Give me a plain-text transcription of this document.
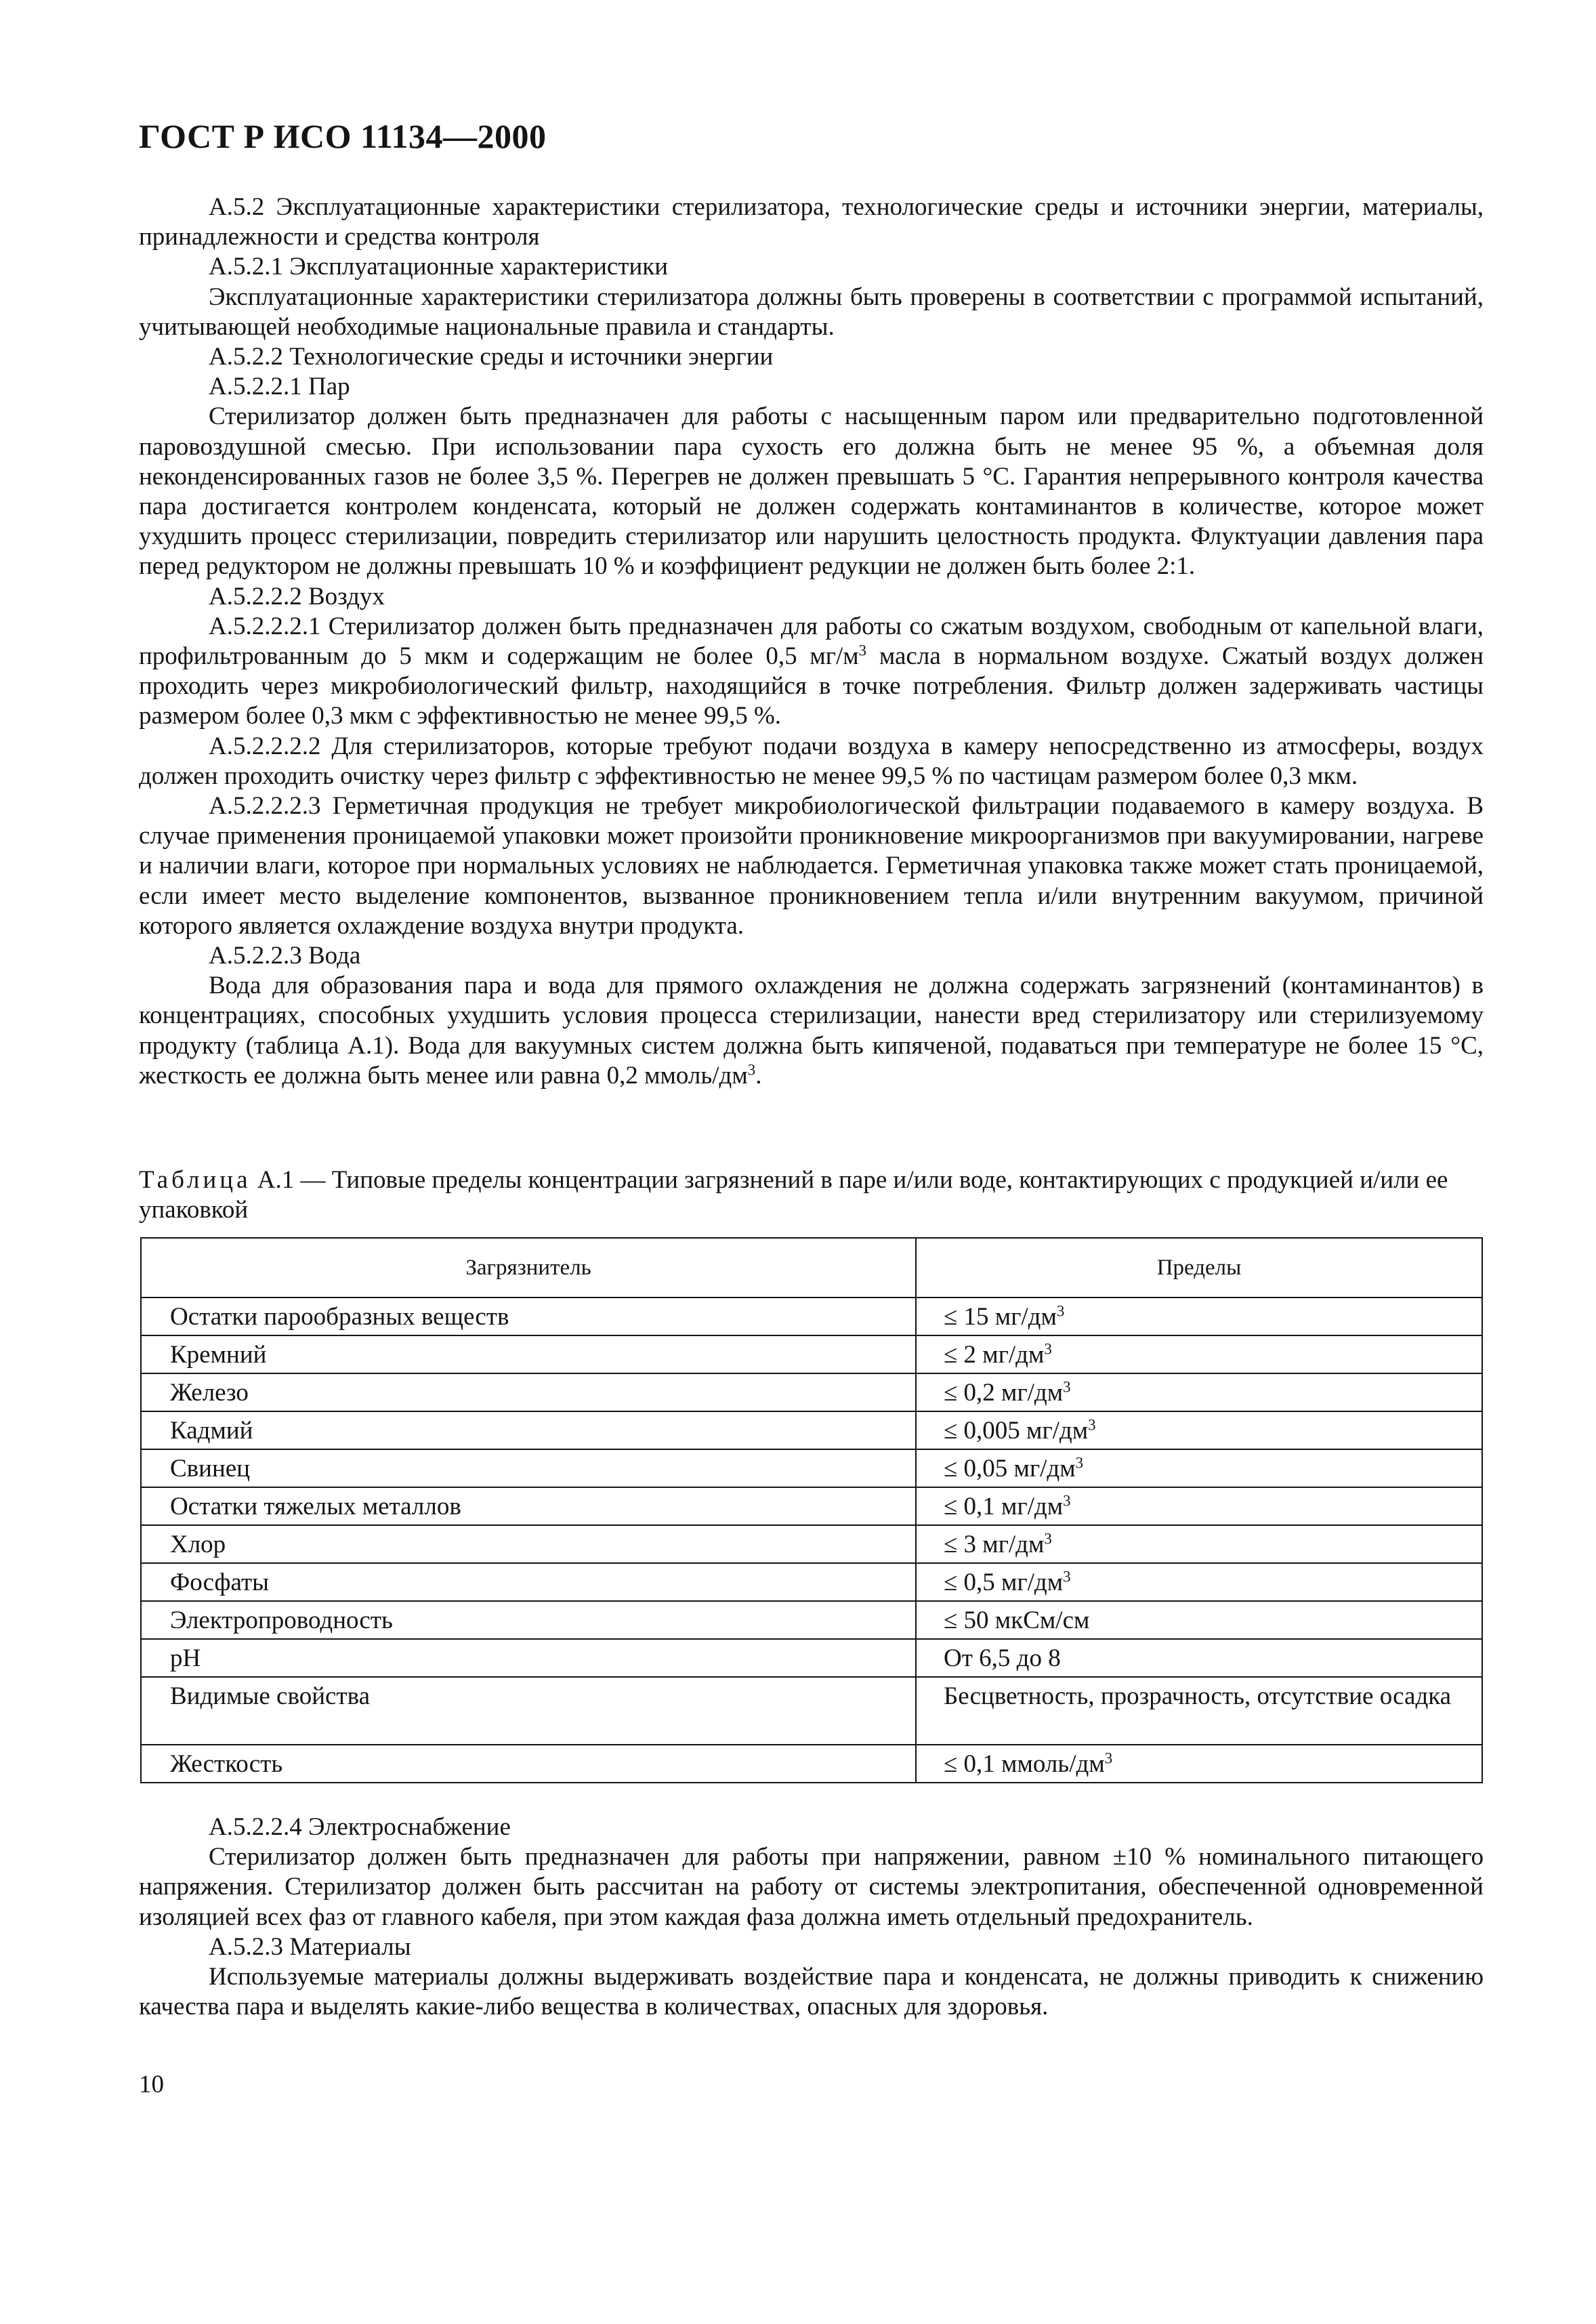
ГОСТ Р ИСО 11134—2000

А.5.2 Эксплуатационные характеристики стерилизатора, технологические среды и источники энергии, материалы, принадлежности и средства контроля

А.5.2.1 Эксплуатационные характеристики

Эксплуатационные характеристики стерилизатора должны быть проверены в соответствии с программой испытаний, учитывающей необходимые национальные правила и стандарты.

А.5.2.2 Технологические среды и источники энергии

А.5.2.2.1 Пар

Стерилизатор должен быть предназначен для работы с насыщенным паром или предварительно подготовленной паровоздушной смесью. При использовании пара сухость его должна быть не менее 95 %, а объемная доля неконденсированных газов не более 3,5 %. Перегрев не должен превышать 5 °С. Гарантия непрерывного контроля качества пара достигается контролем конденсата, который не должен содержать контаминантов в количестве, которое может ухудшить процесс стерилизации, повредить стерилизатор или нарушить целостность продукта. Флуктуации давления пара перед редуктором не должны превышать 10 % и коэффициент редукции не должен быть более 2:1.

А.5.2.2.2 Воздух

А.5.2.2.2.1 Стерилизатор должен быть предназначен для работы со сжатым воздухом, свободным от капельной влаги, профильтрованным до 5 мкм и содержащим не более 0,5 $мг/м^3$ масла в нормальном воздухе. Сжатый воздух должен проходить через микробиологический фильтр, находящийся в точке потребления. Фильтр должен задерживать частицы размером более 0,3 мкм с эффективностью не менее 99,5 %.

А.5.2.2.2.2 Для стерилизаторов, которые требуют подачи воздуха в камеру непосредственно из атмосферы, воздух должен проходить очистку через фильтр с эффективностью не менее 99,5 % по частицам размером более 0,3 мкм.

А.5.2.2.2.3 Герметичная продукция не требует микробиологической фильтрации подаваемого в камеру воздуха. В случае применения проницаемой упаковки может произойти проникновение микроорганизмов при вакуумировании, нагреве и наличии влаги, которое при нормальных условиях не наблюдается. Герметичная упаковка также может стать проницаемой, если имеет место выделение компонентов, вызванное проникновением тепла и/или внутренним вакуумом, причиной которого является охлаждение воздуха внутри продукта.

А.5.2.2.3 Вода

Вода для образования пара и вода для прямого охлаждения не должна содержать загрязнений (контаминантов) в концентрациях, способных ухудшить условия процесса стерилизации, нанести вред стерилизатору или стерилизуемому продукту (таблица А.1). Вода для вакуумных систем должна быть кипяченой, подаваться при температуре не более 15 °С, жесткость ее должна быть менее или равна 0,2 ммоль/$дм^3$.

Таблица А.1 — Типовые пределы концентрации загрязнений в паре и/или воде, контактирующих с продукцией и/или ее упаковкой
Загрязнитель	Пределы
Остатки парообразных веществ	≤ 15 $мг/дм^3$
Кремний	≤ 2 $мг/дм^3$
Железо	≤ 0,2 $мг/дм^3$
Кадмий	≤ 0,005 $мг/дм^3$
Свинец	≤ 0,05 $мг/дм^3$
Остатки тяжелых металлов	≤ 0,1 $мг/дм^3$
Хлор	≤ 3 $мг/дм^3$
Фосфаты	≤ 0,5 $мг/дм^3$
Электропроводность	≤ 50 мкСм/см
pH	От 6,5 до 8
Видимые свойства	Бесцветность, прозрачность, отсутствие осадка
Жесткость	≤ 0,1 ммоль/$дм^3$

А.5.2.2.4 Электроснабжение

Стерилизатор должен быть предназначен для работы при напряжении, равном ±10 % номинального питающего напряжения. Стерилизатор должен быть рассчитан на работу от системы электропитания, обеспеченной одновременной изоляцией всех фаз от главного кабеля, при этом каждая фаза должна иметь отдельный предохранитель.

А.5.2.3 Материалы

Используемые материалы должны выдерживать воздействие пара и конденсата, не должны приводить к снижению качества пара и выделять какие-либо вещества в количествах, опасных для здоровья.

10
